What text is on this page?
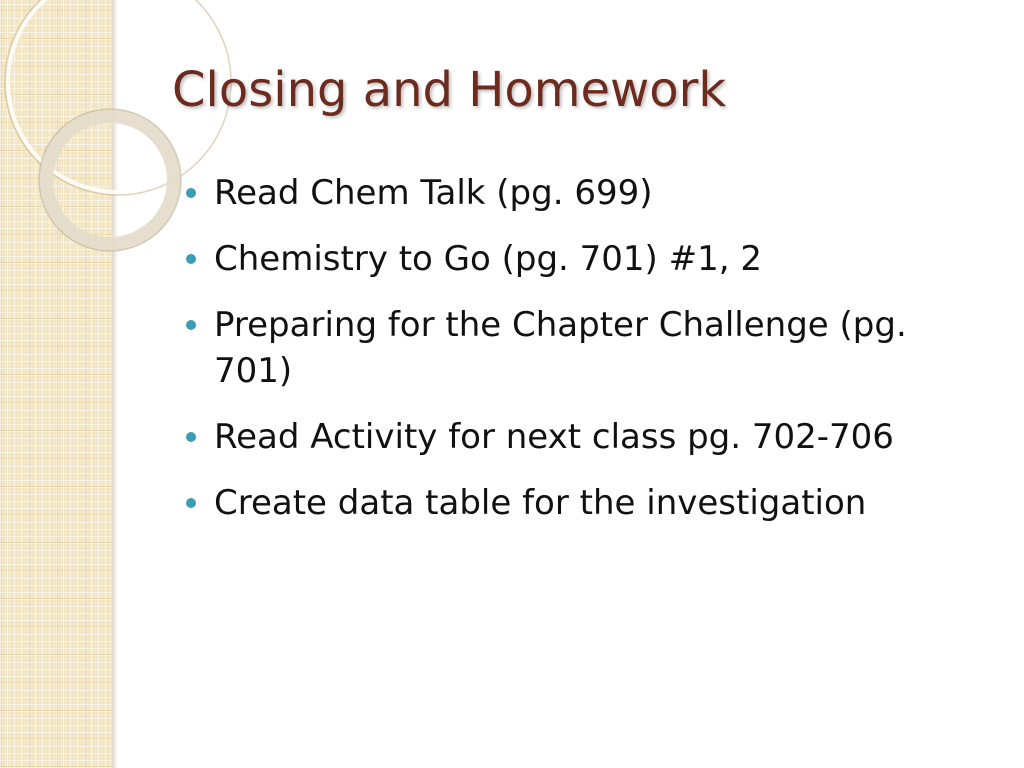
Closing and Homework
Read Chem Talk (pg. 699)
Chemistry to Go (pg. 701) #1, 2
Preparing for the Chapter Challenge (pg. 701)
Read Activity for next class pg. 702-706
Create data table for the investigation
